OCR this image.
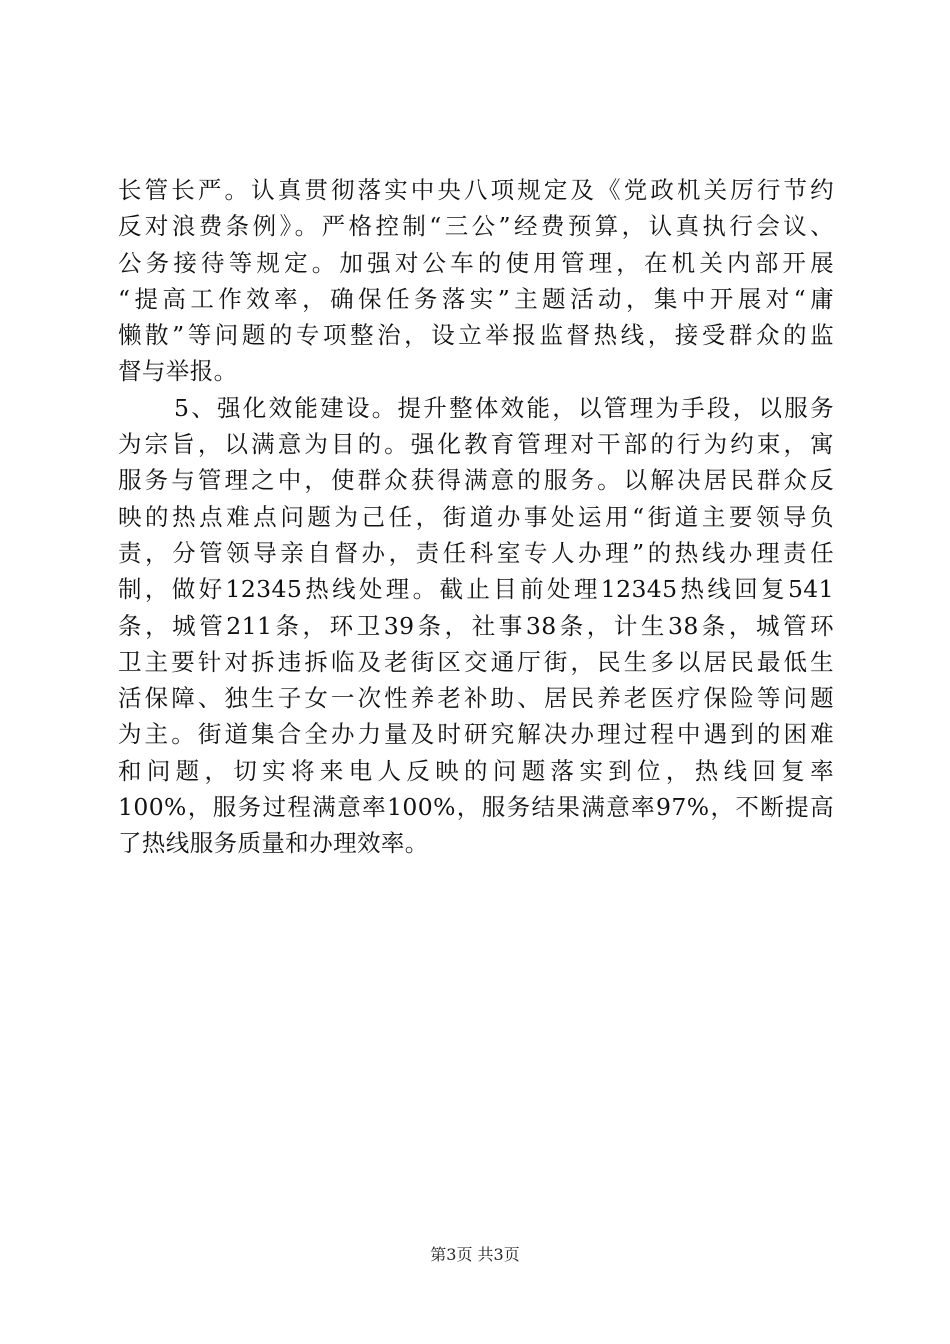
长管长严。认真贯彻落实中央八项规定及《党政机关厉行节约
反对浪费条例》。严格控制“三公”经费预算，认真执行会议、
公务接待等规定。加强对公车的使用管理，在机关内部开展
“提高工作效率，确保任务落实”主题活动，集中开展对“庸
懒散”等问题的专项整治，设立举报监督热线，接受群众的监
督与举报。
5、强化效能建设。提升整体效能，以管理为手段，以服务
为宗旨，以满意为目的。强化教育管理对干部的行为约束，寓
服务与管理之中，使群众获得满意的服务。以解决居民群众反
映的热点难点问题为己任，街道办事处运用“街道主要领导负
责，分管领导亲自督办，责任科室专人办理”的热线办理责任
制，做好12345热线处理。截止目前处理12345热线回复541
条，城管211条，环卫39条，社事38条，计生38条，城管环
卫主要针对拆违拆临及老街区交通厅街，民生多以居民最低生
活保障、独生子女一次性养老补助、居民养老医疗保险等问题
为主。街道集合全办力量及时研究解决办理过程中遇到的困难
和问题，切实将来电人反映的问题落实到位，热线回复率
100%，服务过程满意率100%，服务结果满意率97%，不断提高
了热线服务质量和办理效率。
第3页 共3页
